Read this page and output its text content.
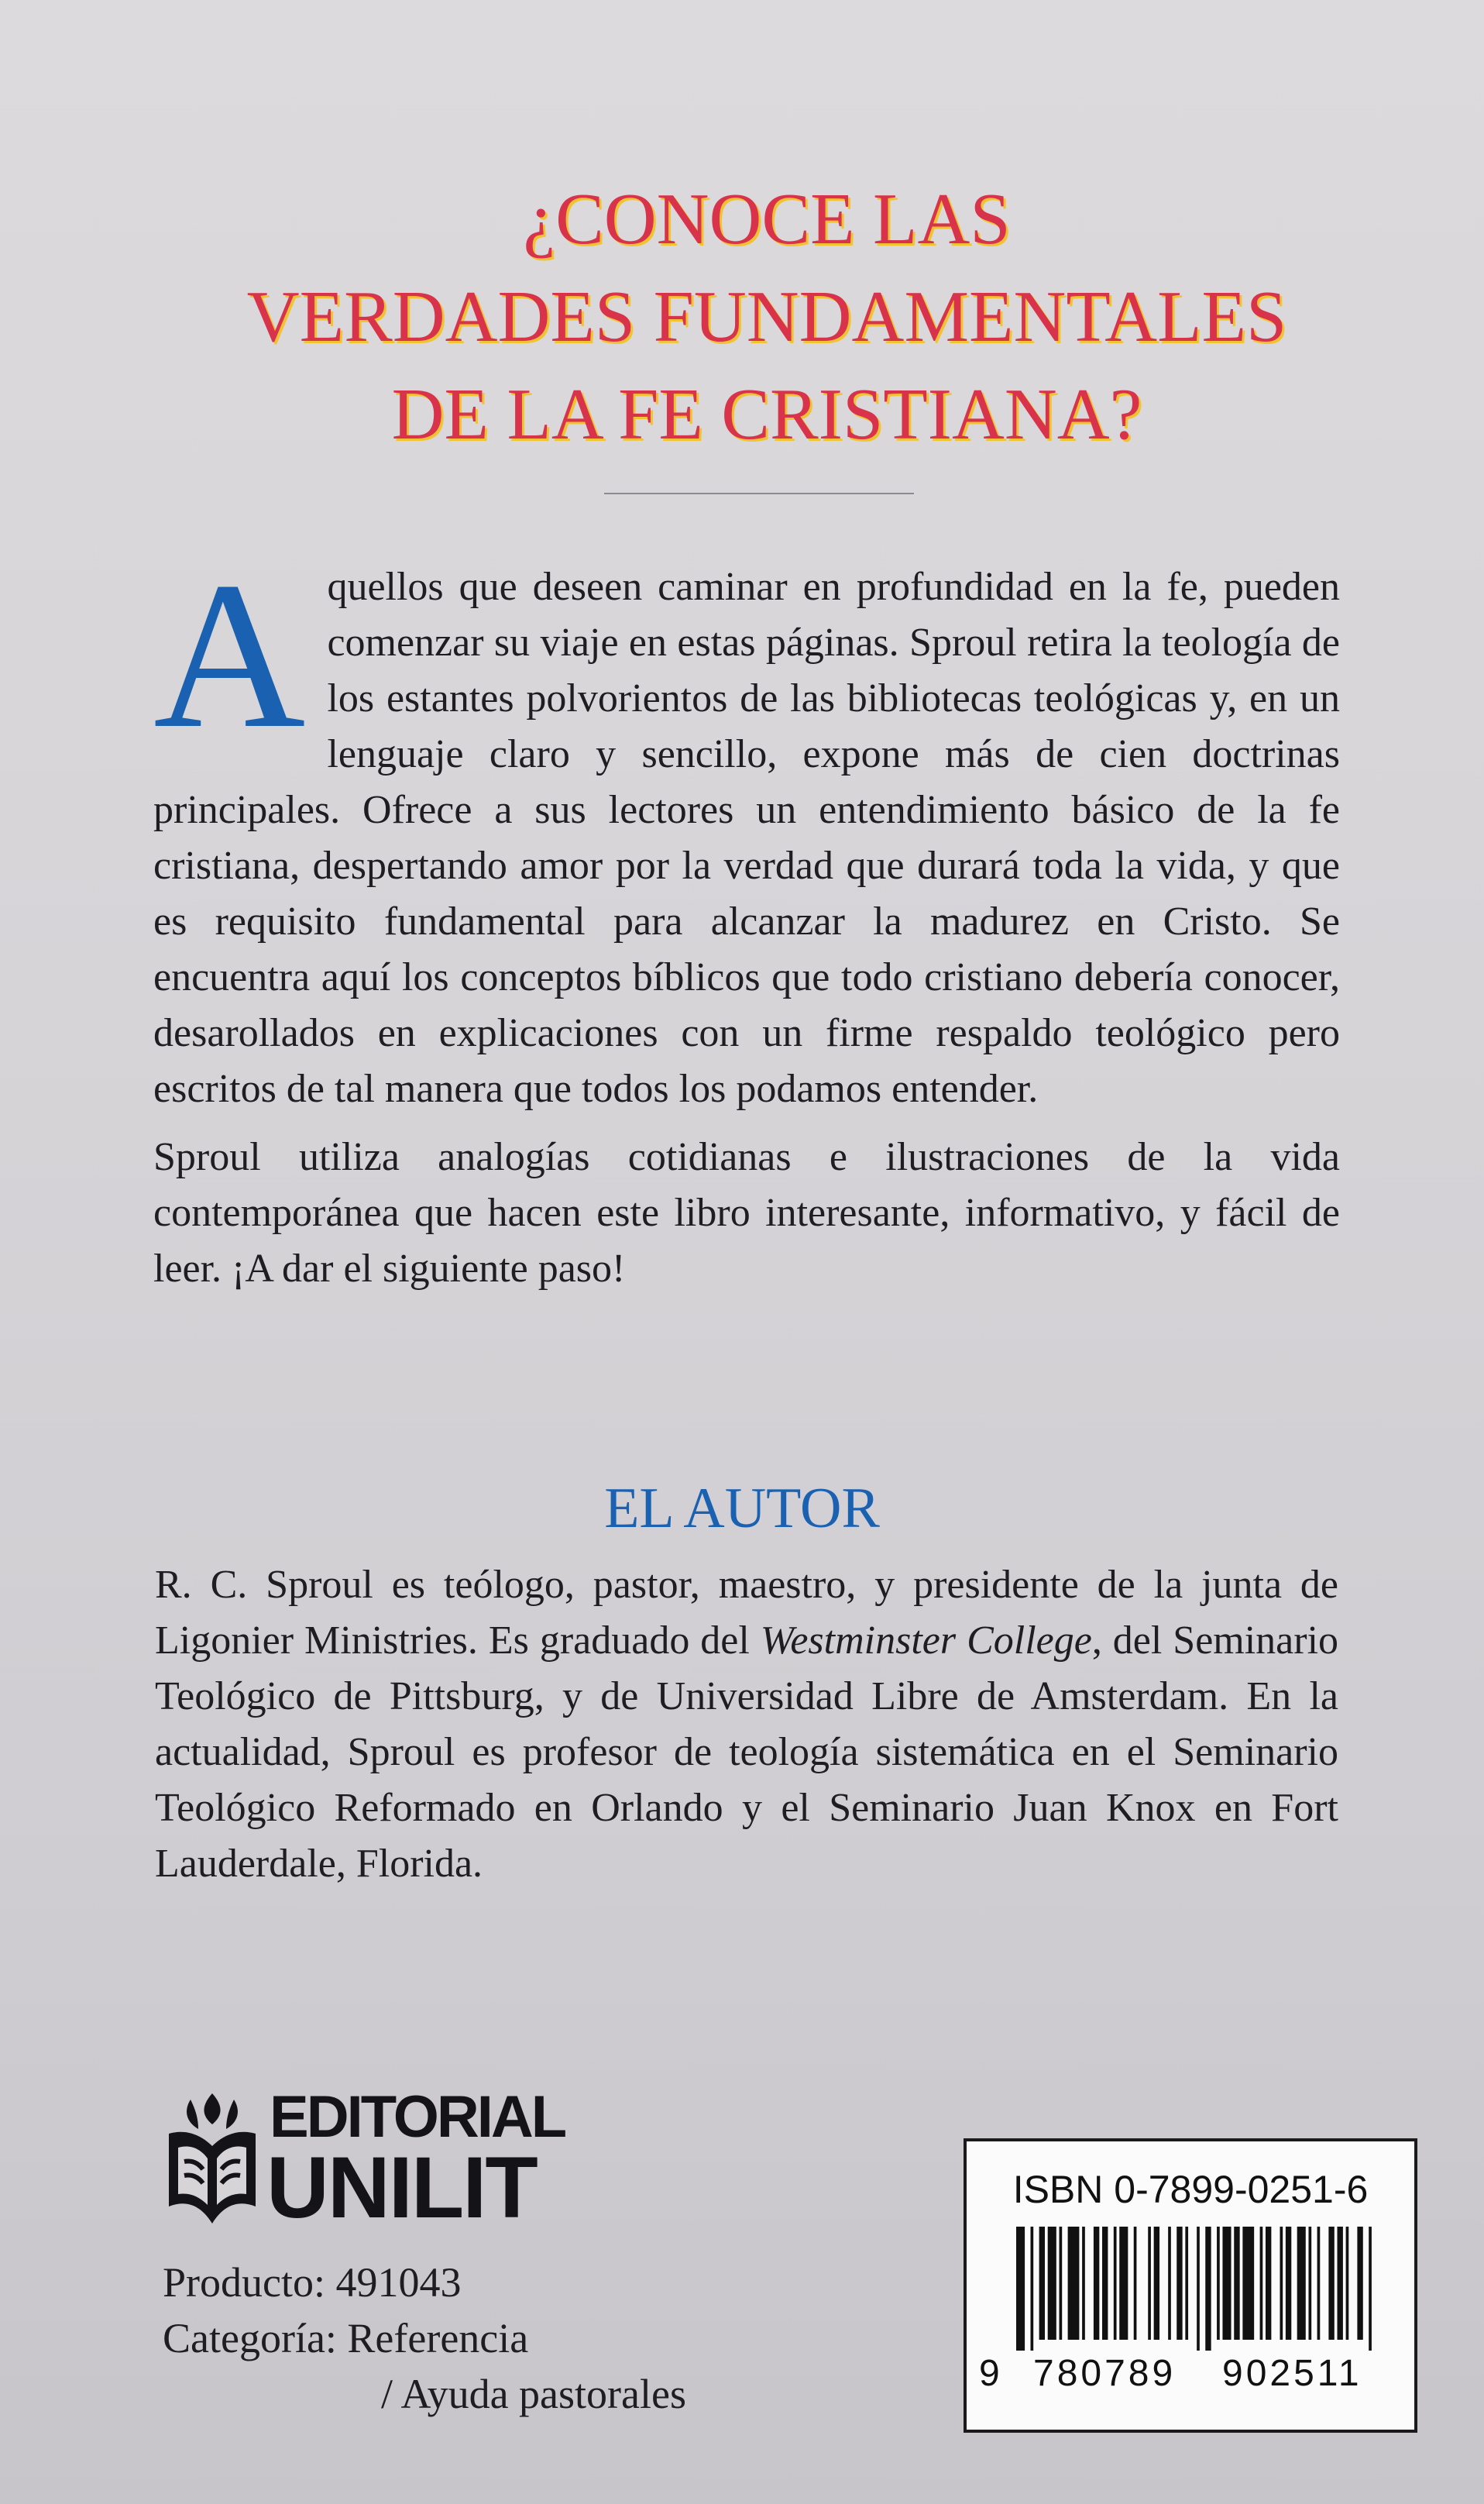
¿CONOCE LAS
VERDADES FUNDAMENTALES
DE LA FE CRISTIANA?

Aquellos que deseen caminar en profundidad en la fe, pueden comenzar su viaje en estas páginas. Sproul retira la teología de los estantes polvorientos de las bibliotecas teológicas y, en un lenguaje claro y sencillo, expone más de cien doctrinas principales. Ofrece a sus lectores un entendimiento básico de la fe cristiana, despertando amor por la verdad que durará toda la vida, y que es requisito fundamental para alcanzar la madurez en Cristo. Se encuentra aquí los conceptos bíblicos que todo cristiano debería conocer, desarollados en explicaciones con un firme respaldo teológico pero escritos de tal manera que todos los podamos entender.

Sproul utiliza analogías cotidianas e ilustraciones de la vida contemporánea que hacen este libro interesante, informativo, y fácil de leer. ¡A dar el siguiente paso!

EL AUTOR

R. C. Sproul es teólogo, pastor, maestro, y presidente de la junta de Ligonier Ministries. Es graduado del Westminster College, del Seminario Teológico de Pittsburg, y de Universidad Libre de Amsterdam. En la actualidad, Sproul es profesor de teología sistemática en el Seminario Teológico Reformado en Orlando y el Seminario Juan Knox en Fort Lauderdale, Florida.

EDITORIAL
UNILIT
Producto: 491043
Categoría: Referencia
/ Ayuda pastorales
ISBN 0-7899-0251-6
9 780789 902511
